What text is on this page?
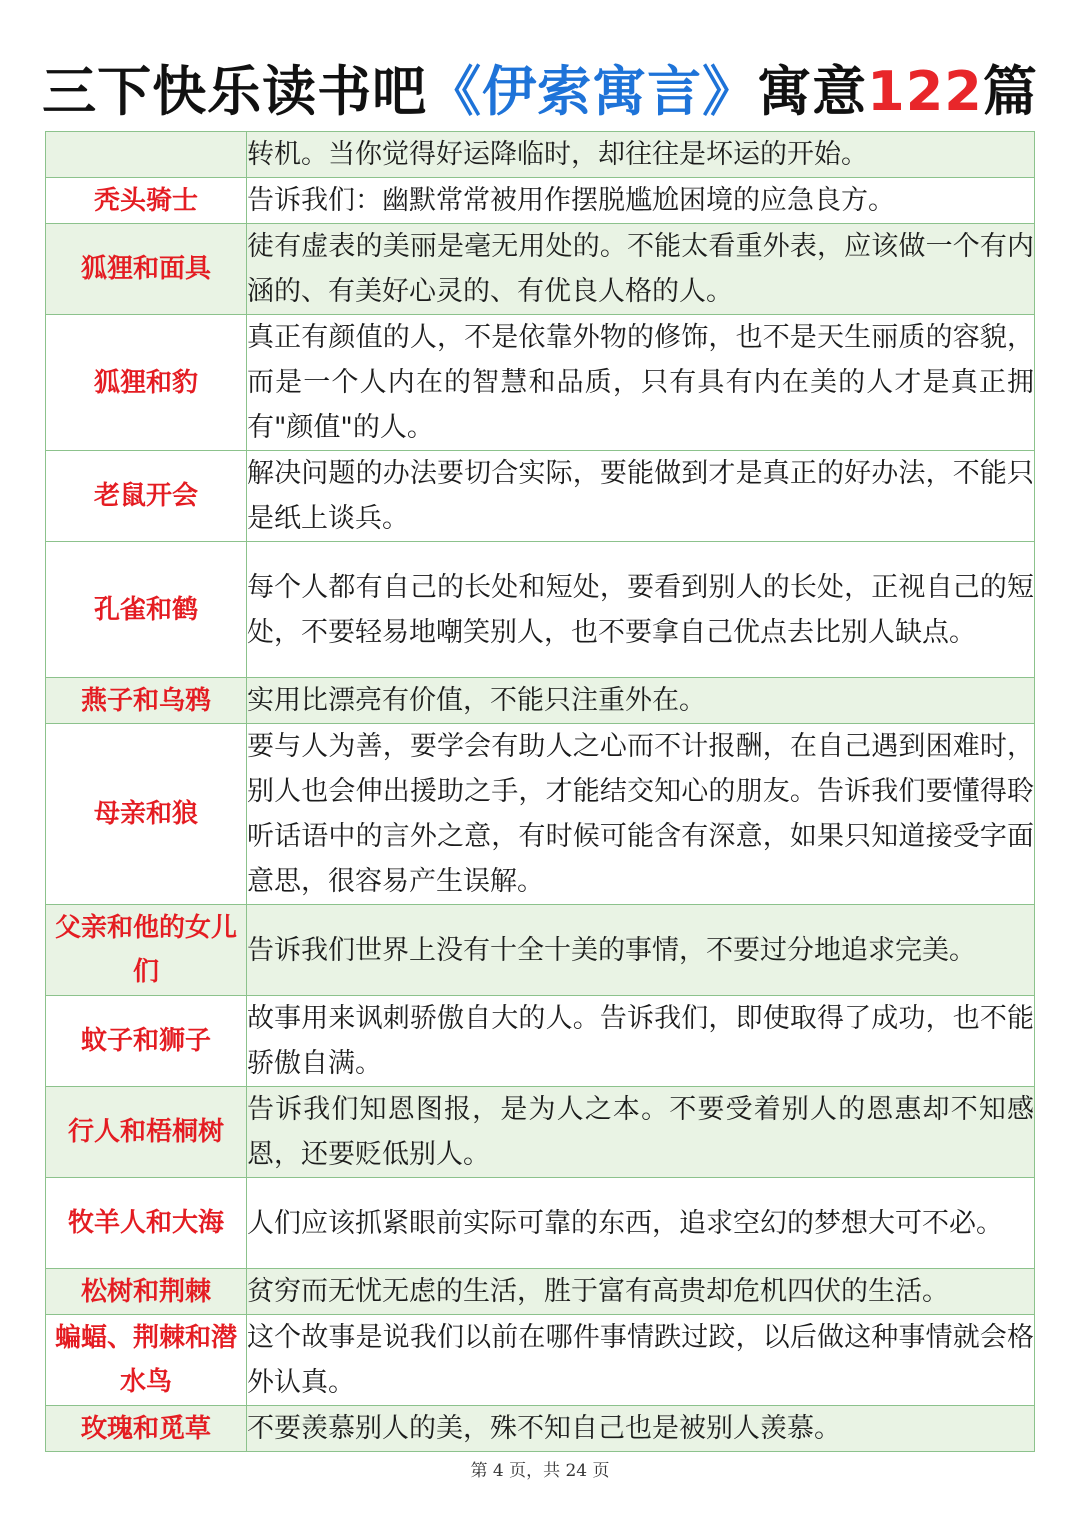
三下快乐读书吧《伊索寓言》寓意122篇
	转机。当你觉得好运降临时，却往往是坏运的开始。
秃头骑士	告诉我们：幽默常常被用作摆脱尴尬困境的应急良方。
狐狸和面具	徒有虚表的美丽是毫无用处的。不能太看重外表，应该做一个有内涵的、有美好心灵的、有优良人格的人。
狐狸和豹	真正有颜值的人，不是依靠外物的修饰，也不是天生丽质的容貌，而是一个人内在的智慧和品质，只有具有内在美的人才是真正拥有"颜值"的人。
老鼠开会	解决问题的办法要切合实际，要能做到才是真正的好办法，不能只是纸上谈兵。
孔雀和鹤	每个人都有自己的长处和短处，要看到别人的长处，正视自己的短处，不要轻易地嘲笑别人，也不要拿自己优点去比别人缺点。
燕子和乌鸦	实用比漂亮有价值，不能只注重外在。
母亲和狼	要与人为善，要学会有助人之心而不计报酬，在自己遇到困难时，别人也会伸出援助之手，才能结交知心的朋友。告诉我们要懂得聆听话语中的言外之意，有时候可能含有深意，如果只知道接受字面意思，很容易产生误解。
父亲和他的女儿们	告诉我们世界上没有十全十美的事情，不要过分地追求完美。
蚊子和狮子	故事用来讽刺骄傲自大的人。告诉我们，即使取得了成功，也不能骄傲自满。
行人和梧桐树	告诉我们知恩图报，是为人之本。不要受着别人的恩惠却不知感恩，还要贬低别人。
牧羊人和大海	人们应该抓紧眼前实际可靠的东西，追求空幻的梦想大可不必。
松树和荆棘	贫穷而无忧无虑的生活，胜于富有高贵却危机四伏的生活。
蝙蝠、荆棘和潜水鸟	这个故事是说我们以前在哪件事情跌过跤，以后做这种事情就会格外认真。
玫瑰和觅草	不要羡慕别人的美，殊不知自己也是被别人羡慕。
第 4 页，共 24 页
